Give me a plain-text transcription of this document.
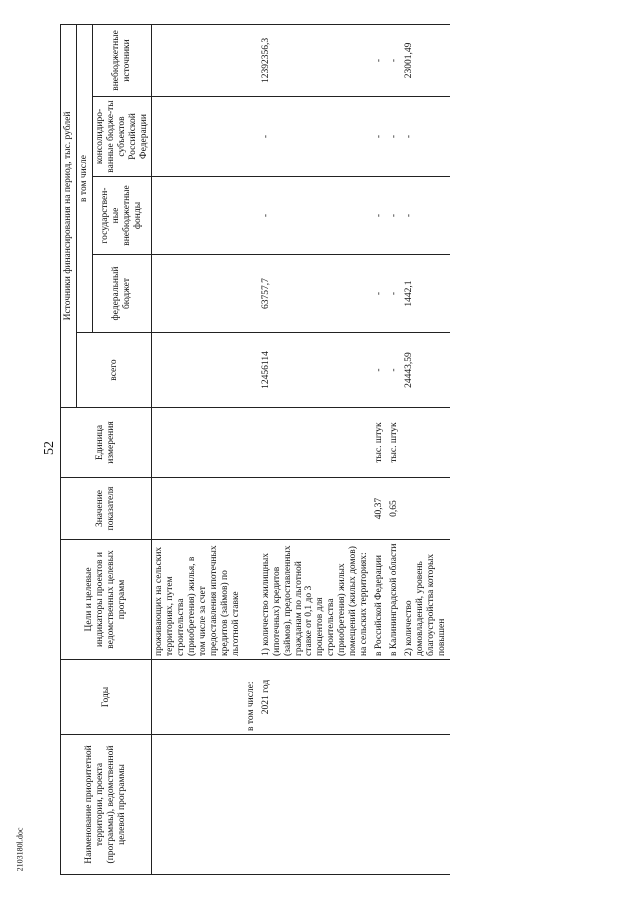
52
2103180l.doc	Наименование приоритетной территории, проекта (программы), ведомственной целевой программы	Годы	Цели и целевые индикаторы проектов и ведомственных целевых программ	Значение показателя	Единица измерения	Источники финансирования на период, тыс. рублей				
					всего	в том числе			
						федеральный бюджет	государствен-ные внебюджетные фонды	консолидиро-ванные бюдже-ты субъектов Российской Федерации	внебюджетные источники
		проживающих на сельских территориях, путем строительства (приобретения) жилья, в том числе за счет предоставления ипотечных кредитов (займов) по льготной ставке							
	в том числе:								
	2021 год	1) количество жилищных (ипотечных) кредитов (займов), предоставленных гражданам по льготной ставке от 0,1 до 3 процентов для строительства (приобретения) жилых помещений (жилых домов) на сельских территориях:			12456114	63757,7	-	-	12392356,3
		в Российской Федерации	40,37	тыс. штук	-	-	-	-	-
		в Калининградской области	0,65	тыс. штук	-	-	-	-	-
		2) количество домовладений, уровень благоустройства которых повышен			24443,59	1442,1	-	-	23001,49
